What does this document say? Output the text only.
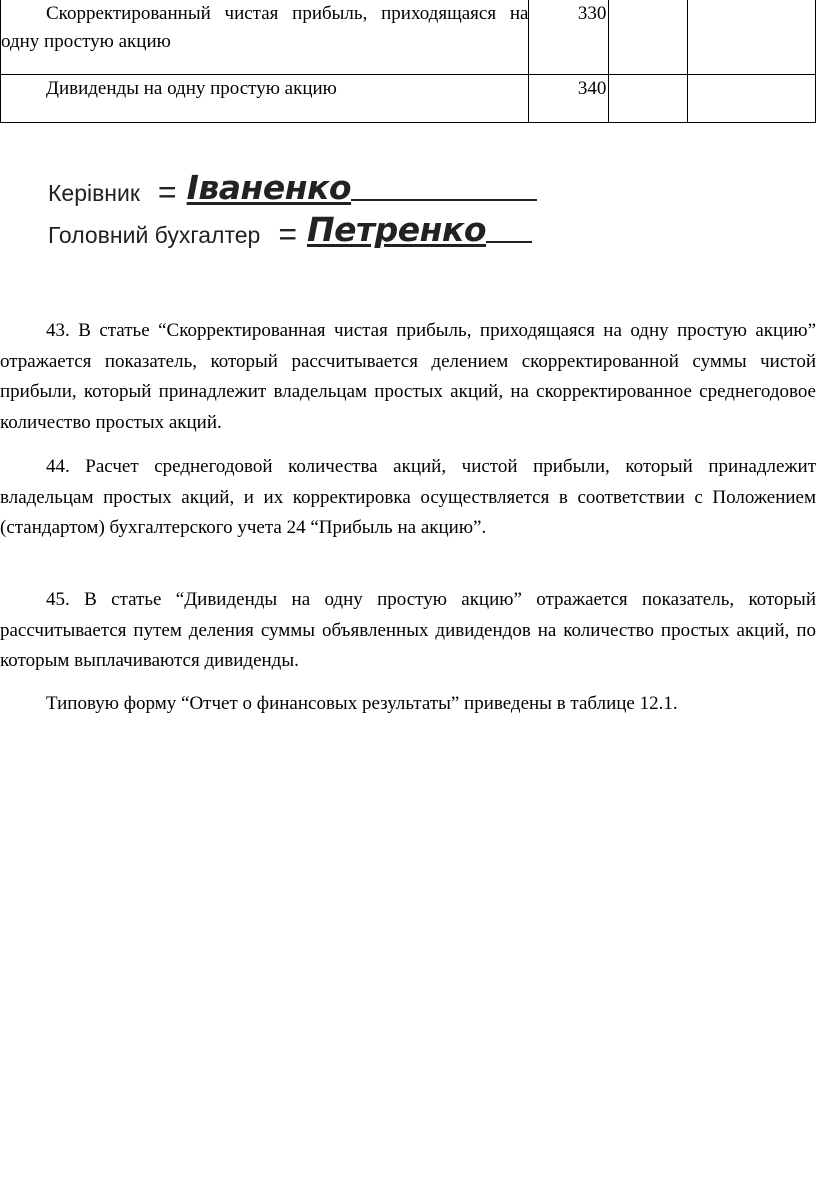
Скорректированный чистая прибыль, приходящаяся на одну простую акцию	330		

Дивиденды на одну простую акцию	340		
Керівник = Іваненко
Головний бухгалтер = Петренко

43. В статье “Скорректированная чистая прибыль, приходящаяся на одну простую акцию” отражается показатель, который рассчитывается делением скорректированной суммы чистой прибыли, который принадлежит владельцам простых акций, на скорректированное среднегодовое количество простых акций.

44. Расчет среднегодовой количества акций, чистой прибыли, который принадлежит владельцам простых акций, и их корректировка осуществляется в соответствии с Положением (стандартом) бухгалтерского учета 24 “Прибыль на акцию”.

45. В статье “Дивиденды на одну простую акцию” отражается показатель, который рассчитывается путем деления суммы объявленных дивидендов на количество простых акций, по которым выплачиваются дивиденды.

Типовую форму “Отчет о финансовых результаты” приведены в таблице 12.1.
